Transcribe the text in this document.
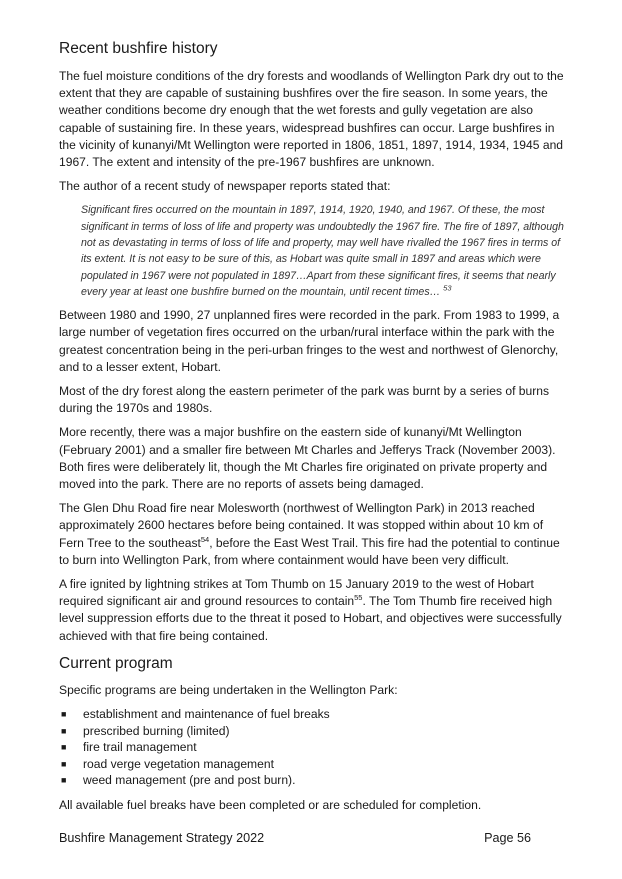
Recent bushfire history

The fuel moisture conditions of the dry forests and woodlands of Wellington Park dry out to the extent that they are capable of sustaining bushfires over the fire season. In some years, the weather conditions become dry enough that the wet forests and gully vegetation are also capable of sustaining fire. In these years, widespread bushfires can occur. Large bushfires in the vicinity of kunanyi/Mt Wellington were reported in 1806, 1851, 1897, 1914, 1934, 1945 and 1967. The extent and intensity of the pre-1967 bushfires are unknown.

The author of a recent study of newspaper reports stated that:

Significant fires occurred on the mountain in 1897, 1914, 1920, 1940, and 1967. Of these, the most significant in terms of loss of life and property was undoubtedly the 1967 fire. The fire of 1897, although not as devastating in terms of loss of life and property, may well have rivalled the 1967 fires in terms of its extent. It is not easy to be sure of this, as Hobart was quite small in 1897 and areas which were populated in 1967 were not populated in 1897…Apart from these significant fires, it seems that nearly every year at least one bushfire burned on the mountain, until recent times… $^{53}$

Between 1980 and 1990, 27 unplanned fires were recorded in the park. From 1983 to 1999, a large number of vegetation fires occurred on the urban/rural interface within the park with the greatest concentration being in the peri-urban fringes to the west and northwest of Glenorchy, and to a lesser extent, Hobart.

Most of the dry forest along the eastern perimeter of the park was burnt by a series of burns during the 1970s and 1980s.

More recently, there was a major bushfire on the eastern side of kunanyi/Mt Wellington (February 2001) and a smaller fire between Mt Charles and Jefferys Track (November 2003). Both fires were deliberately lit, though the Mt Charles fire originated on private property and moved into the park. There are no reports of assets being damaged.

The Glen Dhu Road fire near Molesworth (northwest of Wellington Park) in 2013 reached approximately 2600 hectares before being contained. It was stopped within about 10 km of Fern Tree to the southeast$^{54}$, before the East West Trail. This fire had the potential to continue to burn into Wellington Park, from where containment would have been very difficult.

A fire ignited by lightning strikes at Tom Thumb on 15 January 2019 to the west of Hobart required significant air and ground resources to contain$^{55}$. The Tom Thumb fire received high level suppression efforts due to the threat it posed to Hobart, and objectives were successfully achieved with that fire being contained.

Current program

Specific programs are being undertaken in the Wellington Park:

■ establishment and maintenance of fuel breaks
■ prescribed burning (limited)
■ fire trail management
■ road verge vegetation management
■ weed management (pre and post burn).

All available fuel breaks have been completed or are scheduled for completion.

Bushfire Management Strategy 2022	Page 56
